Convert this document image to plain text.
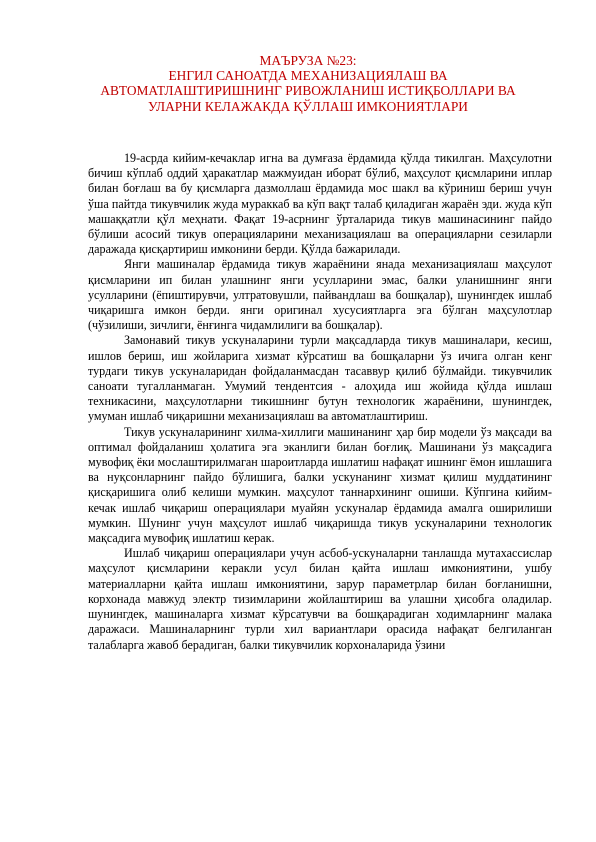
МАЪРУЗА №23:
ЕНГИЛ САНОАТДА МЕХАНИЗАЦИЯЛАШ ВА
АВТОМАТЛАШТИРИШНИНГ РИВОЖЛАНИШ ИСТИҚБОЛЛАРИ ВА
УЛАРНИ КЕЛАЖАКДА ҚЎЛЛАШ ИМКОНИЯТЛАРИ

19-асрда кийим-кечаклар игна ва думғаза ёрдамида қўлда тикилган. Маҳсулотни бичиш кўплаб оддий ҳаракатлар мажмуидан иборат бўлиб, маҳсулот қисмларини иплар билан боғлаш ва бу қисмларга дазмоллаш ёрдамида мос шакл ва кўриниш бериш учун ўша пайтда тикувчилик жуда мураккаб ва кўп вақт талаб қиладиган жараён эди. жуда кўп машаққатли қўл меҳнати. Фақат 19-асрнинг ўрталарида тикув машинасининг пайдо бўлиши асосий тикув операцияларини механизациялаш ва операцияларни сезиларли даражада қисқартириш имконини берди. Қўлда бажарилади.

Янги машиналар ёрдамида тикув жараёнини янада механизациялаш маҳсулот қисмларини ип билан улашнинг янги усулларини эмас, балки уланишнинг янги усулларини (ёпиштирувчи, ултратовушли, пайвандлаш ва бошқалар), шунингдек ишлаб чиқаришга имкон берди. янги оригинал хусусиятларга эга бўлган маҳсулотлар (чўзилиши, зичлиги, ёнғинга чидамлилиги ва бошқалар).

Замонавий тикув ускуналарини турли мақсадларда тикув машиналари, кесиш, ишлов бериш, иш жойларига хизмат кўрсатиш ва бошқаларни ўз ичига олган кенг турдаги тикув ускуналаридан фойдаланмасдан тасаввур қилиб бўлмайди. тикувчилик саноати тугалланмаган. Умумий тендентсия - алоҳида иш жойида қўлда ишлаш техникасини, маҳсулотларни тикишнинг бутун технологик жараёнини, шунингдек, умуман ишлаб чиқаришни механизациялаш ва автоматлаштириш.

Тикув ускуналарининг хилма-хиллиги машинанинг ҳар бир модели ўз мақсади ва оптимал фойдаланиш ҳолатига эга эканлиги билан боғлиқ. Машинани ўз мақсадига мувофиқ ёки мослаштирилмаган шароитларда ишлатиш нафақат ишнинг ёмон ишлашига ва нуқсонларнинг пайдо бўлишига, балки ускунанинг хизмат қилиш муддатининг қисқаришига олиб келиши мумкин. маҳсулот таннархининг ошиши. Кўпгина кийим-кечак ишлаб чиқариш операциялари муайян ускуналар ёрдамида амалга оширилиши мумкин. Шунинг учун маҳсулот ишлаб чиқаришда тикув ускуналарини технологик мақсадига мувофиқ ишлатиш керак.

Ишлаб чиқариш операциялари учун асбоб-ускуналарни танлашда мутахассислар маҳсулот қисмларини керакли усул билан қайта ишлаш имкониятини, ушбу материалларни қайта ишлаш имкониятини, зарур параметрлар билан боғланишни, корхонада мавжуд электр тизимларини жойлаштириш ва улашни ҳисобга оладилар. шунингдек, машиналарга хизмат кўрсатувчи ва бошқарадиган ходимларнинг малака даражаси. Машиналарнинг турли хил вариантлари орасида нафақат белгиланган талабларга жавоб берадиган, балки тикувчилик корхоналарида ўзини
